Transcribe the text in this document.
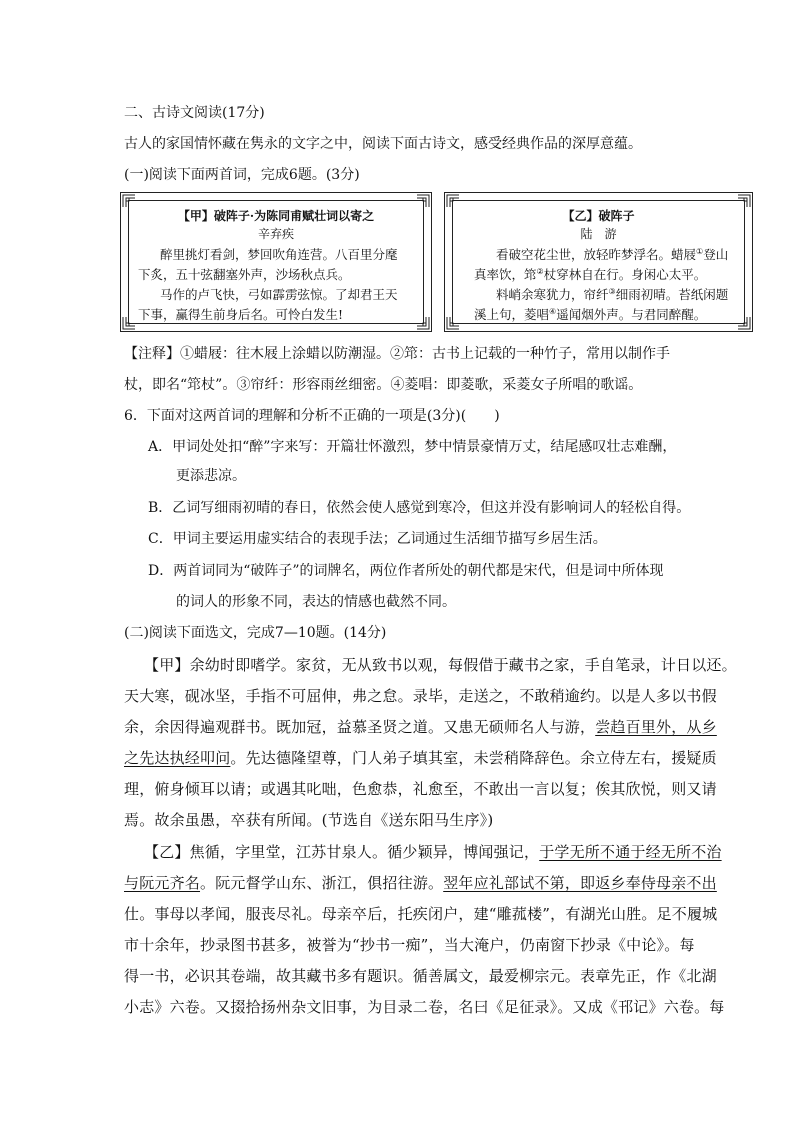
二、古诗文阅读(17分)
古人的家国情怀藏在隽永的文字之中，阅读下面古诗文，感受经典作品的深厚意蕴。
(一)阅读下面两首词，完成6题。(3分)
【甲】破阵子·为陈同甫赋壮词以寄之
辛弃疾
醉里挑灯看剑，梦回吹角连营。八百里分麾
下炙，五十弦翻塞外声，沙场秋点兵。
马作的卢飞快，弓如霹雳弦惊。了却君王天
下事，赢得生前身后名。可怜白发生!
【乙】破阵子
陆　游
看破空花尘世，放轻昨梦浮名。蜡屐①登山
真率饮，筇②杖穿林自在行。身闲心太平。
料峭余寒犹力，帘纤③细雨初晴。苔纸闲题
溪上句，菱唱④遥闻烟外声。与君同醉醒。
【注释】①蜡屐：往木屐上涂蜡以防潮湿。②筇：古书上记载的一种竹子，常用以制作手
杖，即名“筇杖”。③帘纤：形容雨丝细密。④菱唱：即菱歌，采菱女子所唱的歌谣。
6．下面对这两首词的理解和分析不正确的一项是(3分)(　　)
A．甲词处处扣“醉”字来写：开篇壮怀激烈，梦中情景豪情万丈，结尾感叹壮志难酬，
更添悲凉。
B．乙词写细雨初晴的春日，依然会使人感觉到寒冷，但这并没有影响词人的轻松自得。
C．甲词主要运用虚实结合的表现手法；乙词通过生活细节描写乡居生活。
D．两首词同为“破阵子”的词牌名，两位作者所处的朝代都是宋代，但是词中所体现
的词人的形象不同，表达的情感也截然不同。
(二)阅读下面选文，完成7—10题。(14分)
【甲】余幼时即嗜学。家贫，无从致书以观，每假借于藏书之家，手自笔录，计日以还。
天大寒，砚冰坚，手指不可屈伸，弗之怠。录毕，走送之，不敢稍逾约。以是人多以书假
余，余因得遍观群书。既加冠，益慕圣贤之道。又患无硕师名人与游，尝趋百里外，从乡
之先达执经叩问。先达德隆望尊，门人弟子填其室，未尝稍降辞色。余立侍左右，援疑质
理，俯身倾耳以请；或遇其叱咄，色愈恭，礼愈至，不敢出一言以复；俟其欣悦，则又请
焉。故余虽愚，卒获有所闻。(节选自《送东阳马生序》)
【乙】焦循，字里堂，江苏甘泉人。循少颖异，博闻强记，于学无所不通于经无所不治
与阮元齐名。阮元督学山东、浙江，俱招往游。翌年应礼部试不第，即返乡奉侍母亲不出
仕。事母以孝闻，服丧尽礼。母亲卒后，托疾闭户，建“雕菰楼”，有湖光山胜。足不履城
市十余年，抄录图书甚多，被誉为“抄书一痴”，当大淹户，仍南窗下抄录《中论》。每
得一书，必识其卷端，故其藏书多有题识。循善属文，最爱柳宗元。表章先正，作《北湖
小志》六卷。又掇拾扬州杂文旧事，为目录二卷，名曰《足征录》。又成《邗记》六卷。每
